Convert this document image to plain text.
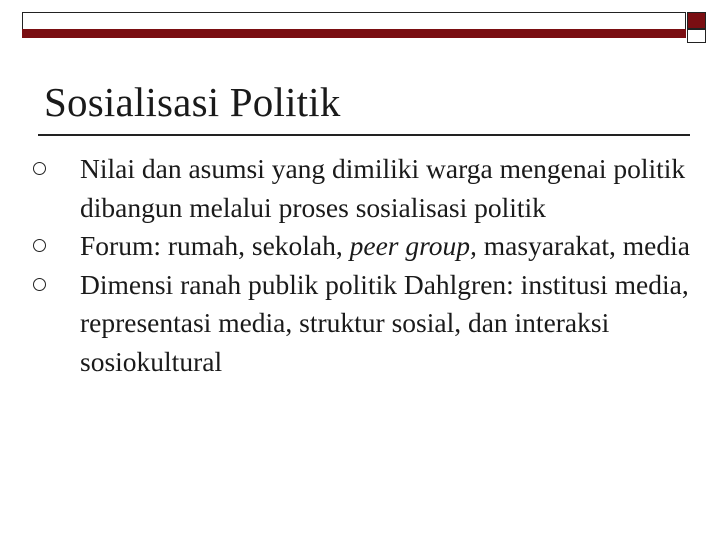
Sosialisasi Politik
Nilai dan asumsi yang dimiliki warga mengenai politik dibangun melalui proses sosialisasi politik
Forum: rumah, sekolah, peer group, masyarakat, media
Dimensi ranah publik politik Dahlgren: institusi media, representasi media, struktur sosial, dan interaksi sosiokultural
